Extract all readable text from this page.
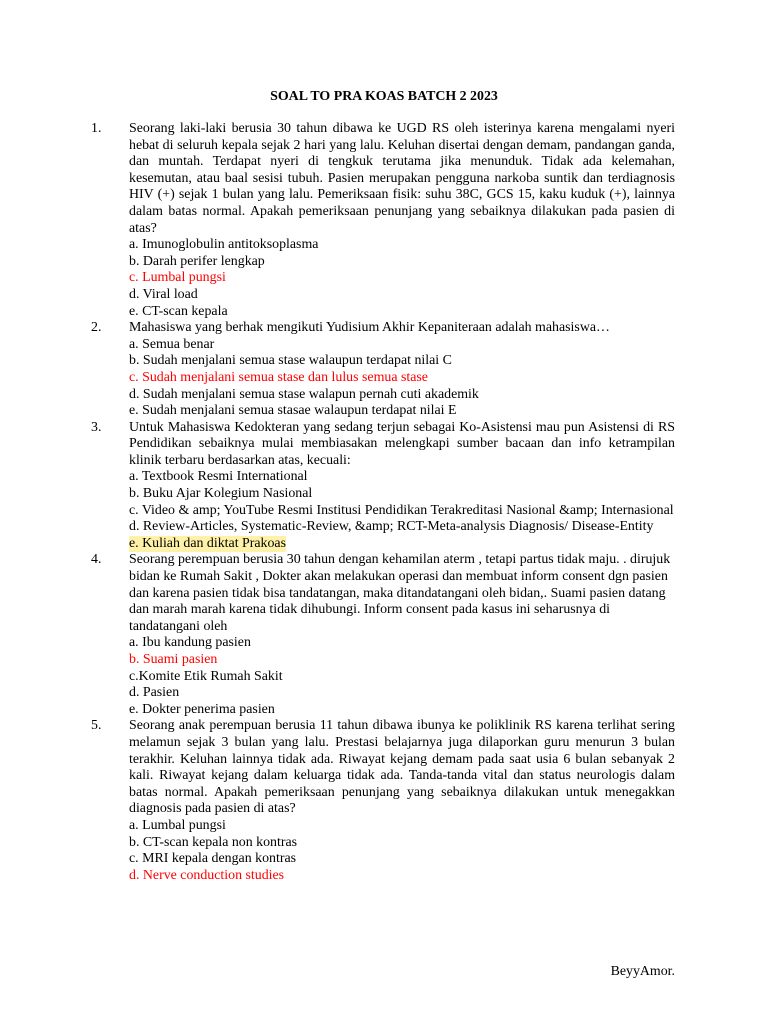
SOAL TO PRA KOAS BATCH 2 2023
1. Seorang laki-laki berusia 30 tahun dibawa ke UGD RS oleh isterinya karena mengalami nyeri hebat di seluruh kepala sejak 2 hari yang lalu. Keluhan disertai dengan demam, pandangan ganda, dan muntah. Terdapat nyeri di tengkuk terutama jika menunduk. Tidak ada kelemahan, kesemutan, atau baal sesisi tubuh. Pasien merupakan pengguna narkoba suntik dan terdiagnosis HIV (+) sejak 1 bulan yang lalu. Pemeriksaan fisik: suhu 38C, GCS 15, kaku kuduk (+), lainnya dalam batas normal. Apakah pemeriksaan penunjang yang sebaiknya dilakukan pada pasien di atas?
a. Imunoglobulin antitoksoplasma
b. Darah perifer lengkap
c. Lumbal pungsi
d. Viral load
e. CT-scan kepala
2. Mahasiswa yang berhak mengikuti Yudisium Akhir Kepaniteraan adalah mahasiswa…
a. Semua benar
b. Sudah menjalani semua stase walaupun terdapat nilai C
c. Sudah menjalani semua stase dan lulus semua stase
d. Sudah menjalani semua stase walapun pernah cuti akademik
e. Sudah menjalani semua stasae walaupun terdapat nilai E
3. Untuk Mahasiswa Kedokteran yang sedang terjun sebagai Ko-Asistensi mau pun Asistensi di RS Pendidikan sebaiknya mulai membiasakan melengkapi sumber bacaan dan info ketrampilan klinik terbaru berdasarkan atas, kecuali:
a. Textbook Resmi International
b. Buku Ajar Kolegium Nasional
c. Video & amp; YouTube Resmi Institusi Pendidikan Terakreditasi Nasional &amp; Internasional
d. Review-Articles, Systematic-Review, &amp; RCT-Meta-analysis Diagnosis/ Disease-Entity
e. Kuliah dan diktat Prakoas
4. Seorang perempuan berusia 30 tahun dengan kehamilan aterm , tetapi partus tidak maju. . dirujuk bidan ke Rumah Sakit , Dokter akan melakukan operasi dan membuat inform consent dgn pasien dan karena pasien tidak bisa tandatangan, maka ditandatangani oleh bidan,. Suami pasien datang dan marah marah karena tidak dihubungi. Inform consent pada kasus ini seharusnya di tandatangani oleh
a. Ibu kandung pasien
b. Suami pasien
c.Komite Etik Rumah Sakit
d. Pasien
e. Dokter penerima pasien
5. Seorang anak perempuan berusia 11 tahun dibawa ibunya ke poliklinik RS karena terlihat sering melamun sejak 3 bulan yang lalu. Prestasi belajarnya juga dilaporkan guru menurun 3 bulan terakhir. Keluhan lainnya tidak ada. Riwayat kejang demam pada saat usia 6 bulan sebanyak 2 kali. Riwayat kejang dalam keluarga tidak ada. Tanda-tanda vital dan status neurologis dalam batas normal. Apakah pemeriksaan penunjang yang sebaiknya dilakukan untuk menegakkan diagnosis pada pasien di atas?
a. Lumbal pungsi
b. CT-scan kepala non kontras
c. MRI kepala dengan kontras
d. Nerve conduction studies
BeyyAmor.
